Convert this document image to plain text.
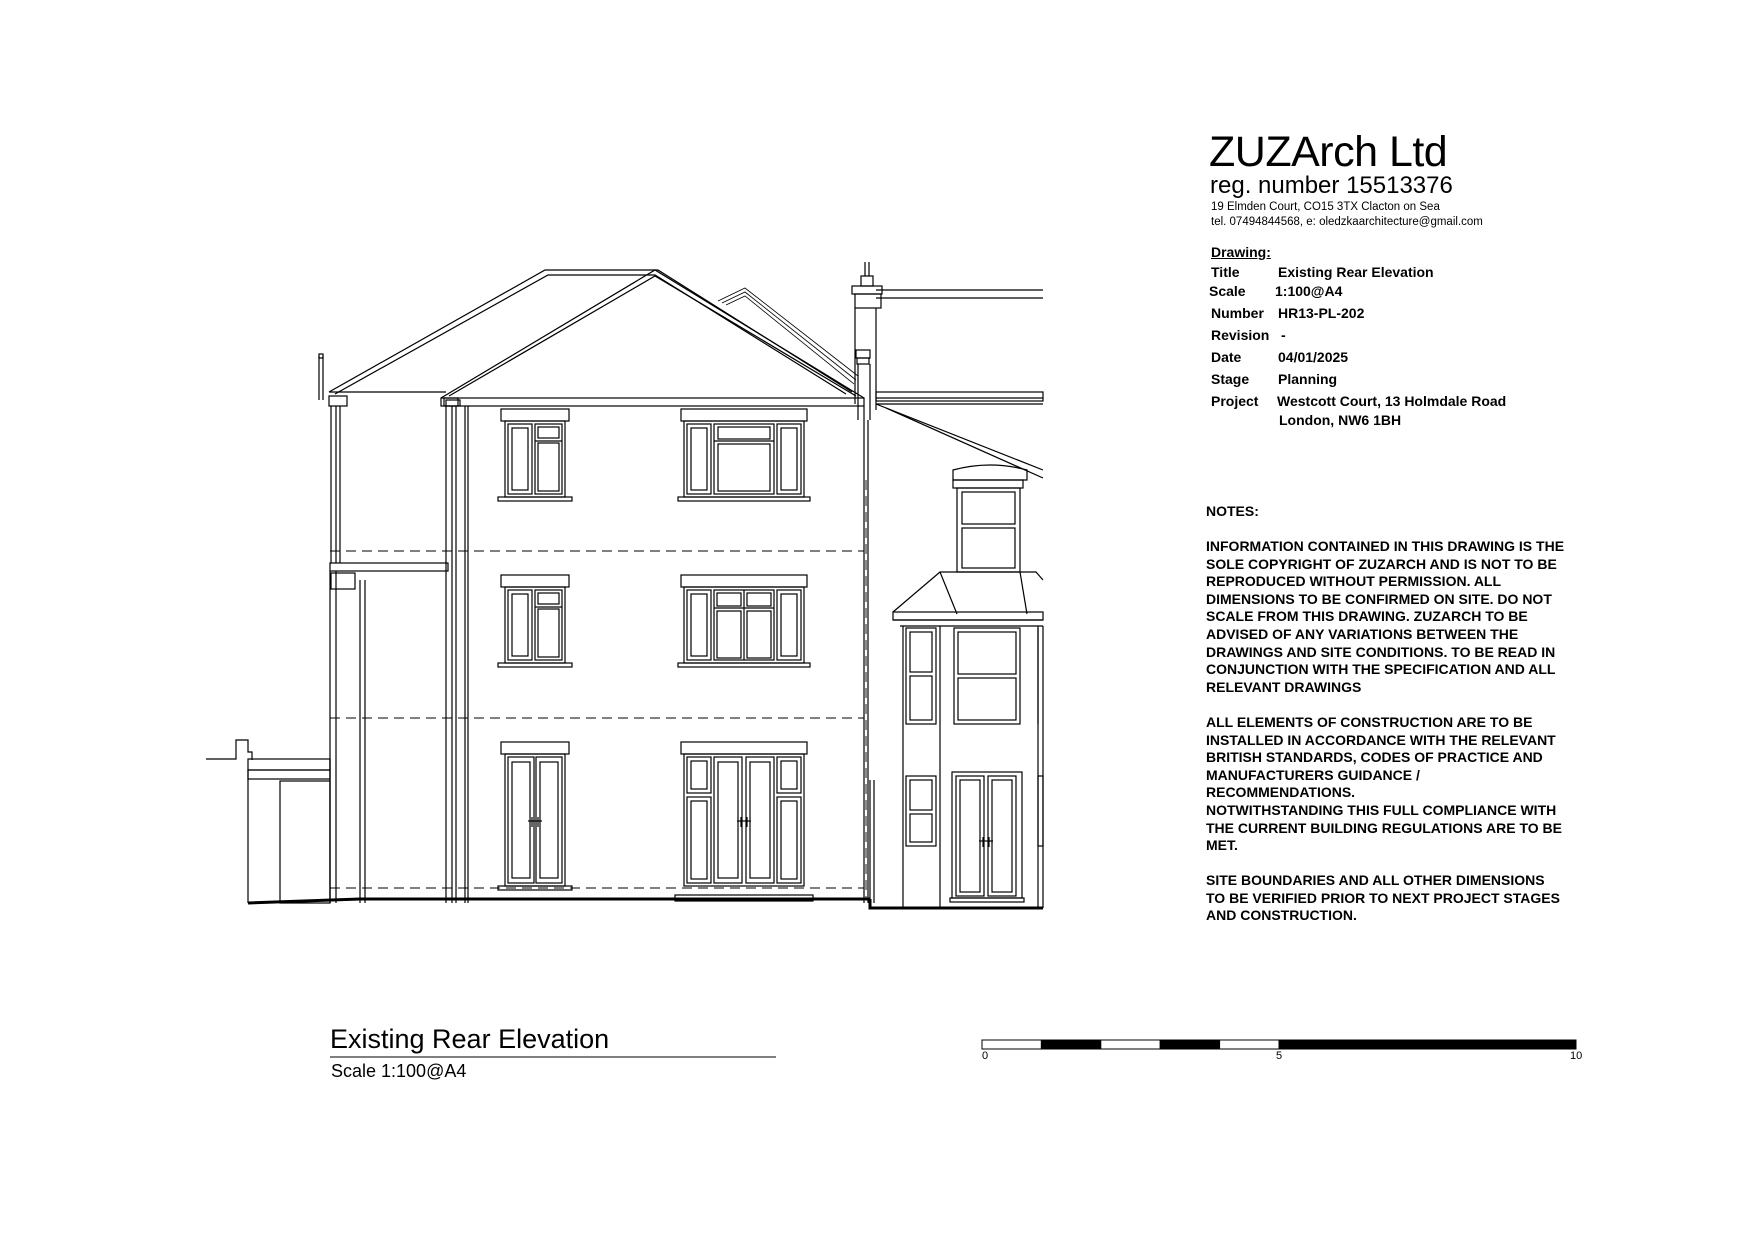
ZUZArch Ltd
reg. number 15513376
19 Elmden Court, CO15 3TX Clacton on Sea
tel. 07494844568, e: oledzkaarchitecture@gmail.com
Drawing:
Title	Existing Rear Elevation
Scale 1:100@A4
Number HR13-PL-202
Revision -
Date	04/01/2025
Stage Planning
Project Westcott Court, 13 Holmdale Road
London, NW6 1BH
NOTES:
INFORMATION CONTAINED IN THIS DRAWING IS THE
SOLE COPYRIGHT OF ZUZARCH AND IS NOT TO BE
REPRODUCED WITHOUT PERMISSION. ALL
DIMENSIONS TO BE CONFIRMED ON SITE. DO NOT
SCALE FROM THIS DRAWING. ZUZARCH TO BE
ADVISED OF ANY VARIATIONS BETWEEN THE
DRAWINGS AND SITE CONDITIONS. TO BE READ IN
CONJUNCTION WITH THE SPECIFICATION AND ALL
RELEVANT DRAWINGS
ALL ELEMENTS OF CONSTRUCTION ARE TO BE
INSTALLED IN ACCORDANCE WITH THE RELEVANT
BRITISH STANDARDS, CODES OF PRACTICE AND
MANUFACTURERS GUIDANCE /
RECOMMENDATIONS.
NOTWITHSTANDING THIS FULL COMPLIANCE WITH
THE CURRENT BUILDING REGULATIONS ARE TO BE
MET.
SITE BOUNDARIES AND ALL OTHER DIMENSIONS
TO BE VERIFIED PRIOR TO NEXT PROJECT STAGES
AND CONSTRUCTION.
Existing Rear Elevation
Scale 1:100@A4
0	5	10
